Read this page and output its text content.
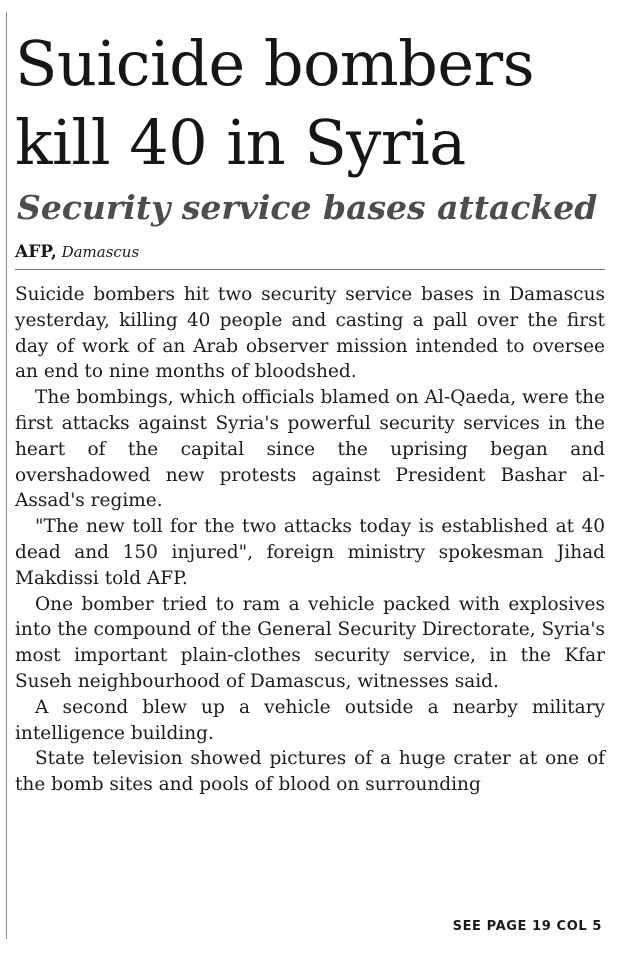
Suicide bombers
kill 40 in Syria
Security service bases attacked
AFP, Damascus

Suicide bombers hit two security service bases in Damascus yesterday, killing 40 people and casting a pall over the first day of work of an Arab observer mission intended to oversee an end to nine months of bloodshed.

The bombings, which officials blamed on Al-Qaeda, were the first attacks against Syria's powerful security services in the heart of the capital since the uprising began and overshadowed new protests against President Bashar al-Assad's regime.

"The new toll for the two attacks today is established at 40 dead and 150 injured", foreign ministry spokesman Jihad Makdissi told AFP.

One bomber tried to ram a vehicle packed with explosives into the compound of the General Security Directorate, Syria's most important plain-clothes security service, in the Kfar Suseh neighbourhood of Damascus, witnesses said.

A second blew up a vehicle outside a nearby military intelligence building.

State television showed pictures of a huge crater at one of the bomb sites and pools of blood on surrounding

SEE PAGE 19 COL 5
